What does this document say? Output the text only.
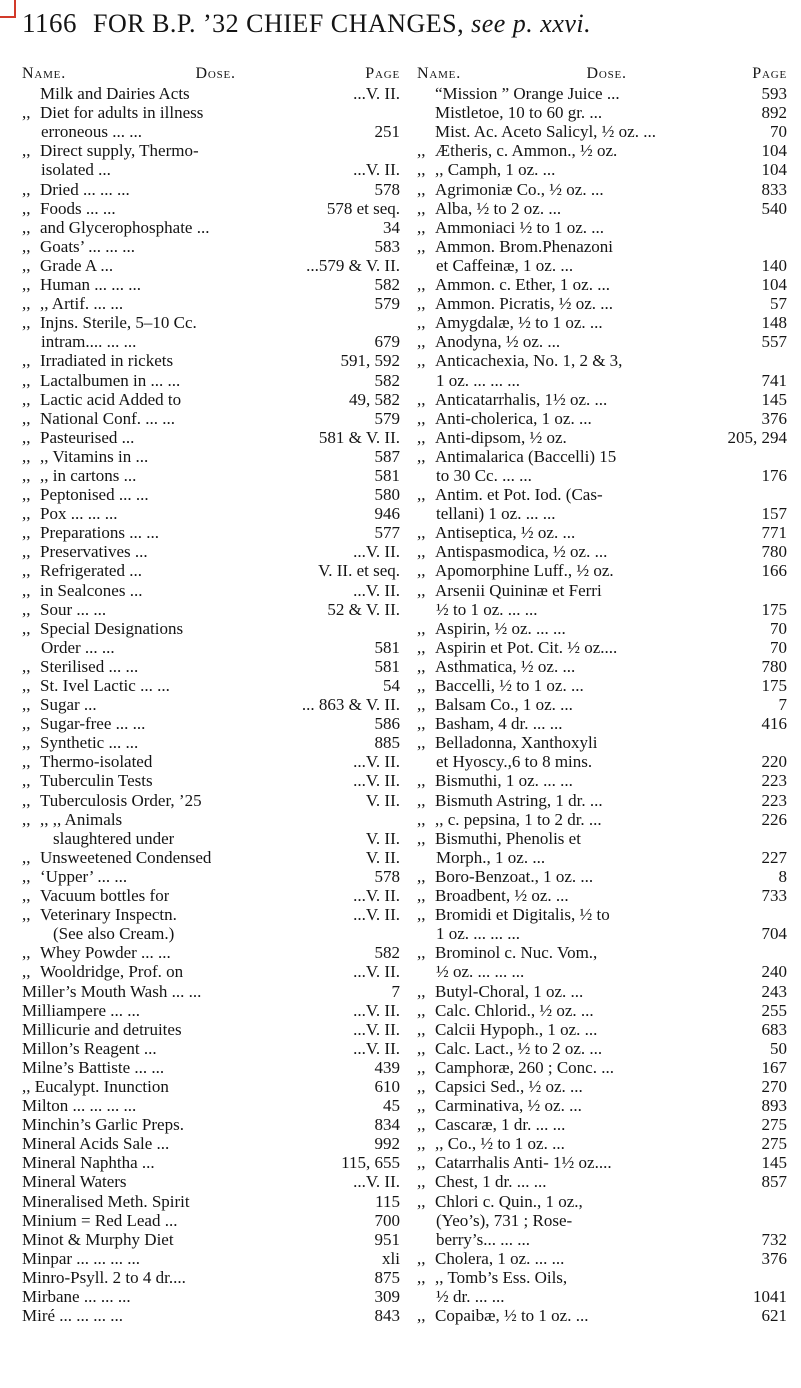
1166 FOR B.P. ’32 CHIEF CHANGES, see p. xxvi.
Name.	Dose.	Page
Milk and Dairies Acts	...V. II.
,, Diet for adults in illness
erroneous ... ...	251
,, Direct supply, Thermo-
isolated ...	...V. II.
,, Dried ... ... ...	578
,, Foods ... ...	578 et seq.
,, and Glycerophosphate ...	34
,, Goats’ ... ... ...	583
,, Grade A ...	...579 & V. II.
,, Human ... ... ...	582
,, ,, Artif. ... ...	579
,, Injns. Sterile, 5–10 Cc.
intram.... ... ...	679
,, Irradiated in rickets	591, 592
,, Lactalbumen in ... ...	582
,, Lactic acid Added to	49, 582
,, National Conf. ... ...	579
,, Pasteurised ...	581 & V. II.
,, ,, Vitamins in ...	587
,, ,, in cartons ...	581
,, Peptonised ... ...	580
,, Pox ... ... ...	946
,, Preparations ... ...	577
,, Preservatives ...	...V. II.
,, Refrigerated ...	V. II. et seq.
,, in Sealcones ...	...V. II.
,, Sour ... ...	52 & V. II.
,, Special Designations
Order ... ...	581
,, Sterilised ... ...	581
,, St. Ivel Lactic ... ...	54
,, Sugar ...	... 863 & V. II.
,, Sugar-free ... ...	586
,, Synthetic ... ...	885
,, Thermo-isolated	...V. II.
,, Tuberculin Tests	...V. II.
,, Tuberculosis Order, ’25	V. II.
,, ,, ,, Animals
slaughtered under	V. II.
,, Unsweetened Condensed	V. II.
,, ‘Upper’ ... ...	578
,, Vacuum bottles for	...V. II.
,, Veterinary Inspectn.	...V. II.
(See also Cream.)
,, Whey Powder ... ...	582
,, Wooldridge, Prof. on	...V. II.
Miller’s Mouth Wash ... ...	7
Milliampere ... ...	...V. II.
Millicurie and detruites	...V. II.
Millon’s Reagent ...	...V. II.
Milne’s Battiste ... ...	439
,, Eucalypt. Inunction	610
Milton ... ... ... ...	45
Minchin’s Garlic Preps.	834
Mineral Acids Sale ...	992
Mineral Naphtha ...	115, 655
Mineral Waters	...V. II.
Mineralised Meth. Spirit	115
Minium = Red Lead ...	700
Minot & Murphy Diet	951
Minpar ... ... ... ...	xli
Minro-Psyll. 2 to 4 dr....	875
Mirbane ... ... ...	309
Miré ... ... ... ...	843
Name.	Dose.	Page
“Mission ” Orange Juice ...	593
Mistletoe, 10 to 60 gr. ...	892
Mist. Ac. Aceto Salicyl, ½ oz. ...	70
,, Ætheris, c. Ammon., ½ oz.	104
,, ,, Camph, 1 oz. ...	104
,, Agrimoniæ Co., ½ oz. ...	833
,, Alba, ½ to 2 oz. ...	540
,, Ammoniaci ½ to 1 oz. ...
,, Ammon. Brom.Phenazoni
et Caffeinæ, 1 oz. ...	140
,, Ammon. c. Ether, 1 oz. ...	104
,, Ammon. Picratis, ½ oz. ...	57
,, Amygdalæ, ½ to 1 oz. ...	148
,, Anodyna, ½ oz. ...	557
,, Anticachexia, No. 1, 2 & 3,
1 oz. ... ... ...	741
,, Anticatarrhalis, 1½ oz. ...	145
,, Anti-cholerica, 1 oz. ...	376
,, Anti-dipsom, ½ oz.	205, 294
,, Antimalarica (Baccelli) 15
to 30 Cc. ... ...	176
,, Antim. et Pot. Iod. (Cas-
tellani) 1 oz. ... ...	157
,, Antiseptica, ½ oz. ...	771
,, Antispasmodica, ½ oz. ...	780
,, Apomorphine Luff., ½ oz.	166
,, Arsenii Quininæ et Ferri
½ to 1 oz. ... ...	175
,, Aspirin, ½ oz. ... ...	70
,, Aspirin et Pot. Cit. ½ oz....	70
,, Asthmatica, ½ oz. ...	780
,, Baccelli, ½ to 1 oz. ...	175
,, Balsam Co., 1 oz. ...	7
,, Basham, 4 dr. ... ...	416
,, Belladonna, Xanthoxyli
et Hyoscy.,6 to 8 mins.	220
,, Bismuthi, 1 oz. ... ...	223
,, Bismuth Astring, 1 dr. ...	223
,, ,, c. pepsina, 1 to 2 dr. ...	226
,, Bismuthi, Phenolis et
Morph., 1 oz. ...	227
,, Boro-Benzoat., 1 oz. ...	8
,, Broadbent, ½ oz. ...	733
,, Bromidi et Digitalis, ½ to
1 oz. ... ... ...	704
,, Brominol c. Nuc. Vom.,
½ oz. ... ... ...	240
,, Butyl-Choral, 1 oz. ...	243
,, Calc. Chlorid., ½ oz. ...	255
,, Calcii Hypoph., 1 oz. ...	683
,, Calc. Lact., ½ to 2 oz. ...	50
,, Camphoræ, 260 ; Conc. ...	167
,, Capsici Sed., ½ oz. ...	270
,, Carminativa, ½ oz. ...	893
,, Cascaræ, 1 dr. ... ...	275
,, ,, Co., ½ to 1 oz. ...	275
,, Catarrhalis Anti- 1½ oz....	145
,, Chest, 1 dr. ... ...	857
,, Chlori c. Quin., 1 oz.,
(Yeo’s), 731 ; Rose-
berry’s... ... ...	732
,, Cholera, 1 oz. ... ...	376
,, ,, Tomb’s Ess. Oils,
½ dr. ... ...	1041
,, Copaibæ, ½ to 1 oz. ...	621
